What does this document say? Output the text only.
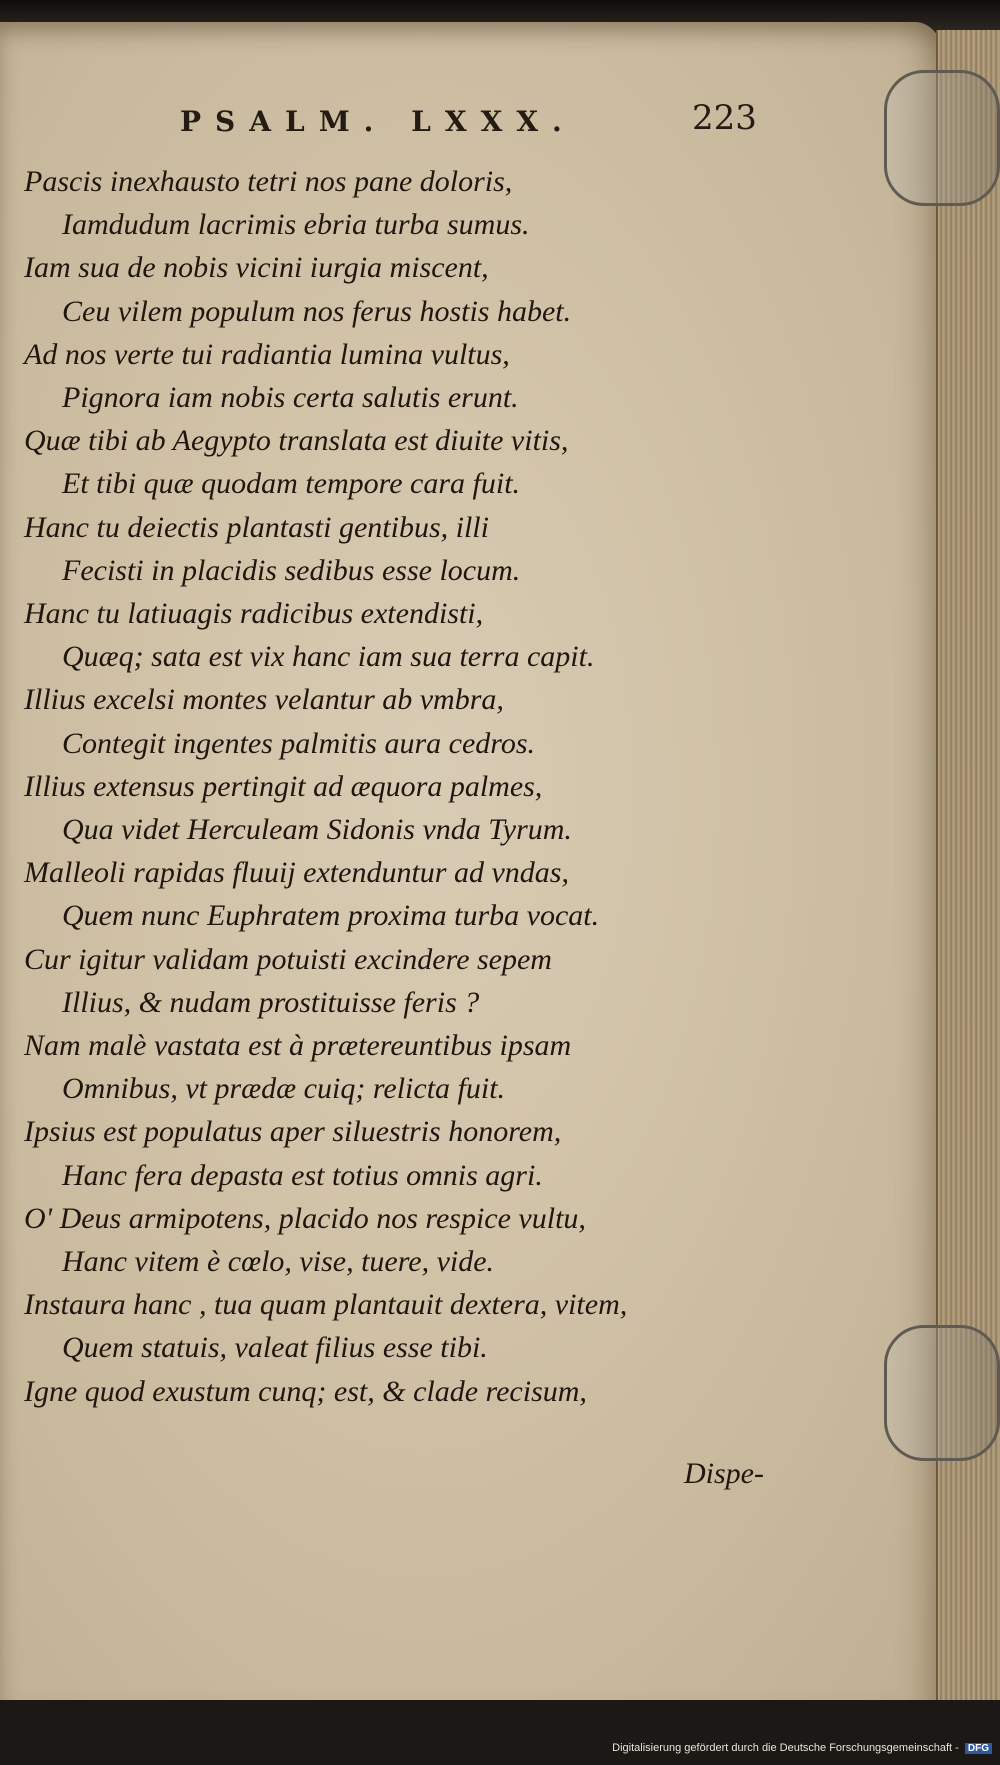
PSALM. LXXX.	223
Pascis inexhausto tetri nos pane doloris,
Iamdudum lacrimis ebria turba sumus.
Iam sua de nobis vicini iurgia miscent,
Ceu vilem populum nos ferus hostis habet.
Ad nos verte tui radiantia lumina vultus,
Pignora iam nobis certa salutis erunt.
Quæ tibi ab Aegypto translata est diuite vitis,
Et tibi quæ quodam tempore cara fuit.
Hanc tu deiectis plantasti gentibus, illi
Fecisti in placidis sedibus esse locum.
Hanc tu latiuagis radicibus extendisti,
Quæq; sata est vix hanc iam sua terra capit.
Illius excelsi montes velantur ab vmbra,
Contegit ingentes palmitis aura cedros.
Illius extensus pertingit ad æquora palmes,
Qua videt Herculeam Sidonis vnda Tyrum.
Malleoli rapidas fluuij extenduntur ad vndas,
Quem nunc Euphratem proxima turba vocat.
Cur igitur validam potuisti excindere sepem
Illius, & nudam prostituisse feris ?
Nam malè vastata est à prætereuntibus ipsam
Omnibus, vt prædæ cuiq; relicta fuit.
Ipsius est populatus aper siluestris honorem,
Hanc fera depasta est totius omnis agri.
O' Deus armipotens, placido nos respice vultu,
Hanc vitem è cœlo, vise, tuere, vide.
Instaura hanc , tua quam plantauit dextera, vitem,
Quem statuis, valeat filius esse tibi.
Igne quod exustum cunq; est, & clade recisum,
Dispe-
Digitalisierung gefördert durch die Deutsche Forschungsgemeinschaft - DFG
